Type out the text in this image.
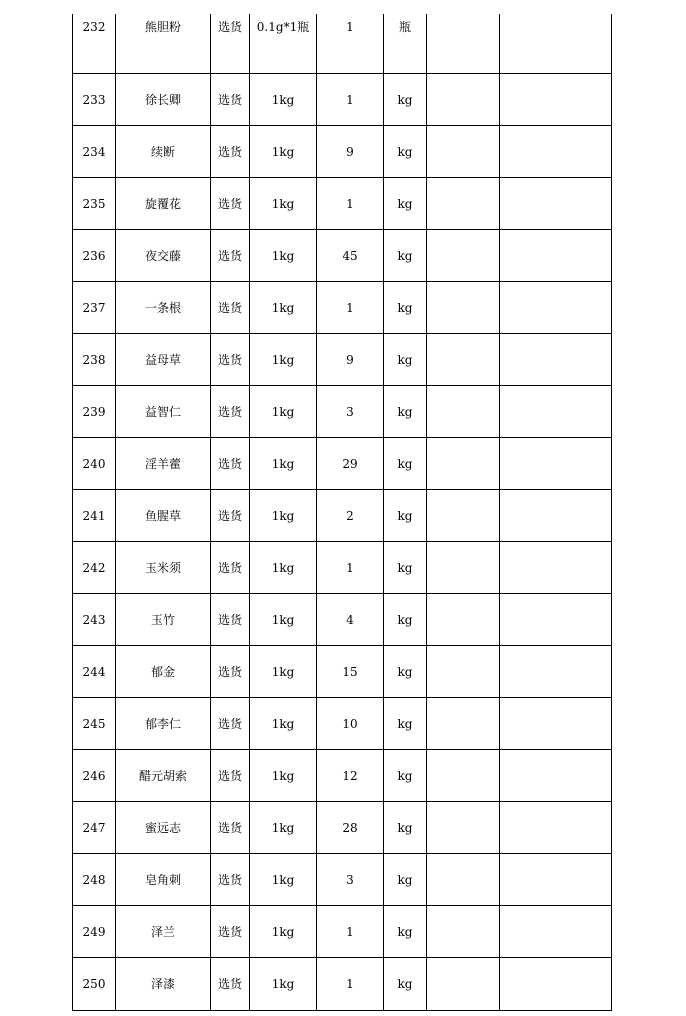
232	熊胆粉	选货	0.1g*1瓶	1	瓶		
233	徐长卿	选货	1kg	1	kg		
234	续断	选货	1kg	9	kg		
235	旋覆花	选货	1kg	1	kg		
236	夜交藤	选货	1kg	45	kg		
237	一条根	选货	1kg	1	kg		
238	益母草	选货	1kg	9	kg		
239	益智仁	选货	1kg	3	kg		
240	淫羊藿	选货	1kg	29	kg		
241	鱼腥草	选货	1kg	2	kg		
242	玉米须	选货	1kg	1	kg		
243	玉竹	选货	1kg	4	kg		
244	郁金	选货	1kg	15	kg		
245	郁李仁	选货	1kg	10	kg		
246	醋元胡索	选货	1kg	12	kg		
247	蜜远志	选货	1kg	28	kg		
248	皂角刺	选货	1kg	3	kg		
249	泽兰	选货	1kg	1	kg		
250	泽漆	选货	1kg	1	kg		
